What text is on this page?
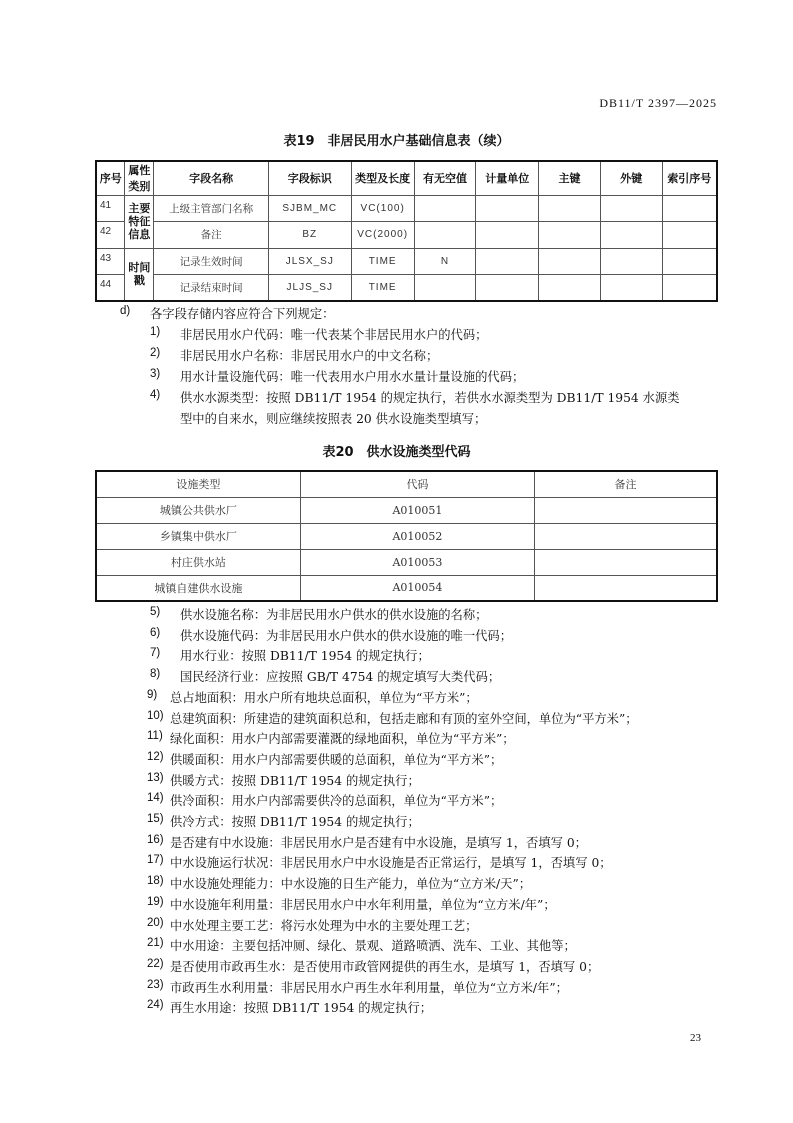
DB11/T 2397—2025
表19　非居民用水户基础信息表（续）
序号	属性类别	字段名称	字段标识	类型及长度	有无空值	计量单位	主键	外键	索引序号
41	主要特征信息	上级主管部门名称	SJBM_MC	VC(100)					
42		备注	BZ	VC(2000)					
43	时间戳	记录生效时间	JLSX_SJ	TIME	N				
44		记录结束时间	JLJS_SJ	TIME					
d) 各字段存储内容应符合下列规定：
1) 非居民用水户代码：唯一代表某个非居民用水户的代码；
2) 非居民用水户名称：非居民用水户的中文名称；
3) 用水计量设施代码：唯一代表用水户用水水量计量设施的代码；
4) 供水水源类型：按照 DB11/T 1954 的规定执行，若供水水源类型为 DB11/T 1954 水源类
型中的自来水，则应继续按照表 20 供水设施类型填写；
表20　供水设施类型代码
设施类型	代码	备注
城镇公共供水厂	A010051	
乡镇集中供水厂	A010052	
村庄供水站	A010053	
城镇自建供水设施	A010054	
5) 供水设施名称：为非居民用水户供水的供水设施的名称；
6) 供水设施代码：为非居民用水户供水的供水设施的唯一代码；
7) 用水行业：按照 DB11/T 1954 的规定执行；
8) 国民经济行业：应按照 GB/T 4754 的规定填写大类代码；
9) 总占地面积：用水户所有地块总面积，单位为“平方米”；
10) 总建筑面积：所建造的建筑面积总和，包括走廊和有顶的室外空间，单位为“平方米”；
11) 绿化面积：用水户内部需要灌溉的绿地面积，单位为“平方米”；
12) 供暖面积：用水户内部需要供暖的总面积，单位为“平方米”；
13) 供暖方式：按照 DB11/T 1954 的规定执行；
14) 供冷面积：用水户内部需要供冷的总面积，单位为“平方米”；
15) 供冷方式：按照 DB11/T 1954 的规定执行；
16) 是否建有中水设施：非居民用水户是否建有中水设施，是填写 1，否填写 0；
17) 中水设施运行状况：非居民用水户中水设施是否正常运行，是填写 1，否填写 0；
18) 中水设施处理能力：中水设施的日生产能力，单位为“立方米/天”；
19) 中水设施年利用量：非居民用水户中水年利用量，单位为“立方米/年”；
20) 中水处理主要工艺：将污水处理为中水的主要处理工艺；
21) 中水用途：主要包括冲厕、绿化、景观、道路喷洒、洗车、工业、其他等；
22) 是否使用市政再生水：是否使用市政管网提供的再生水，是填写 1，否填写 0；
23) 市政再生水利用量：非居民用水户再生水年利用量，单位为“立方米/年”；
24) 再生水用途：按照 DB11/T 1954 的规定执行；
23
